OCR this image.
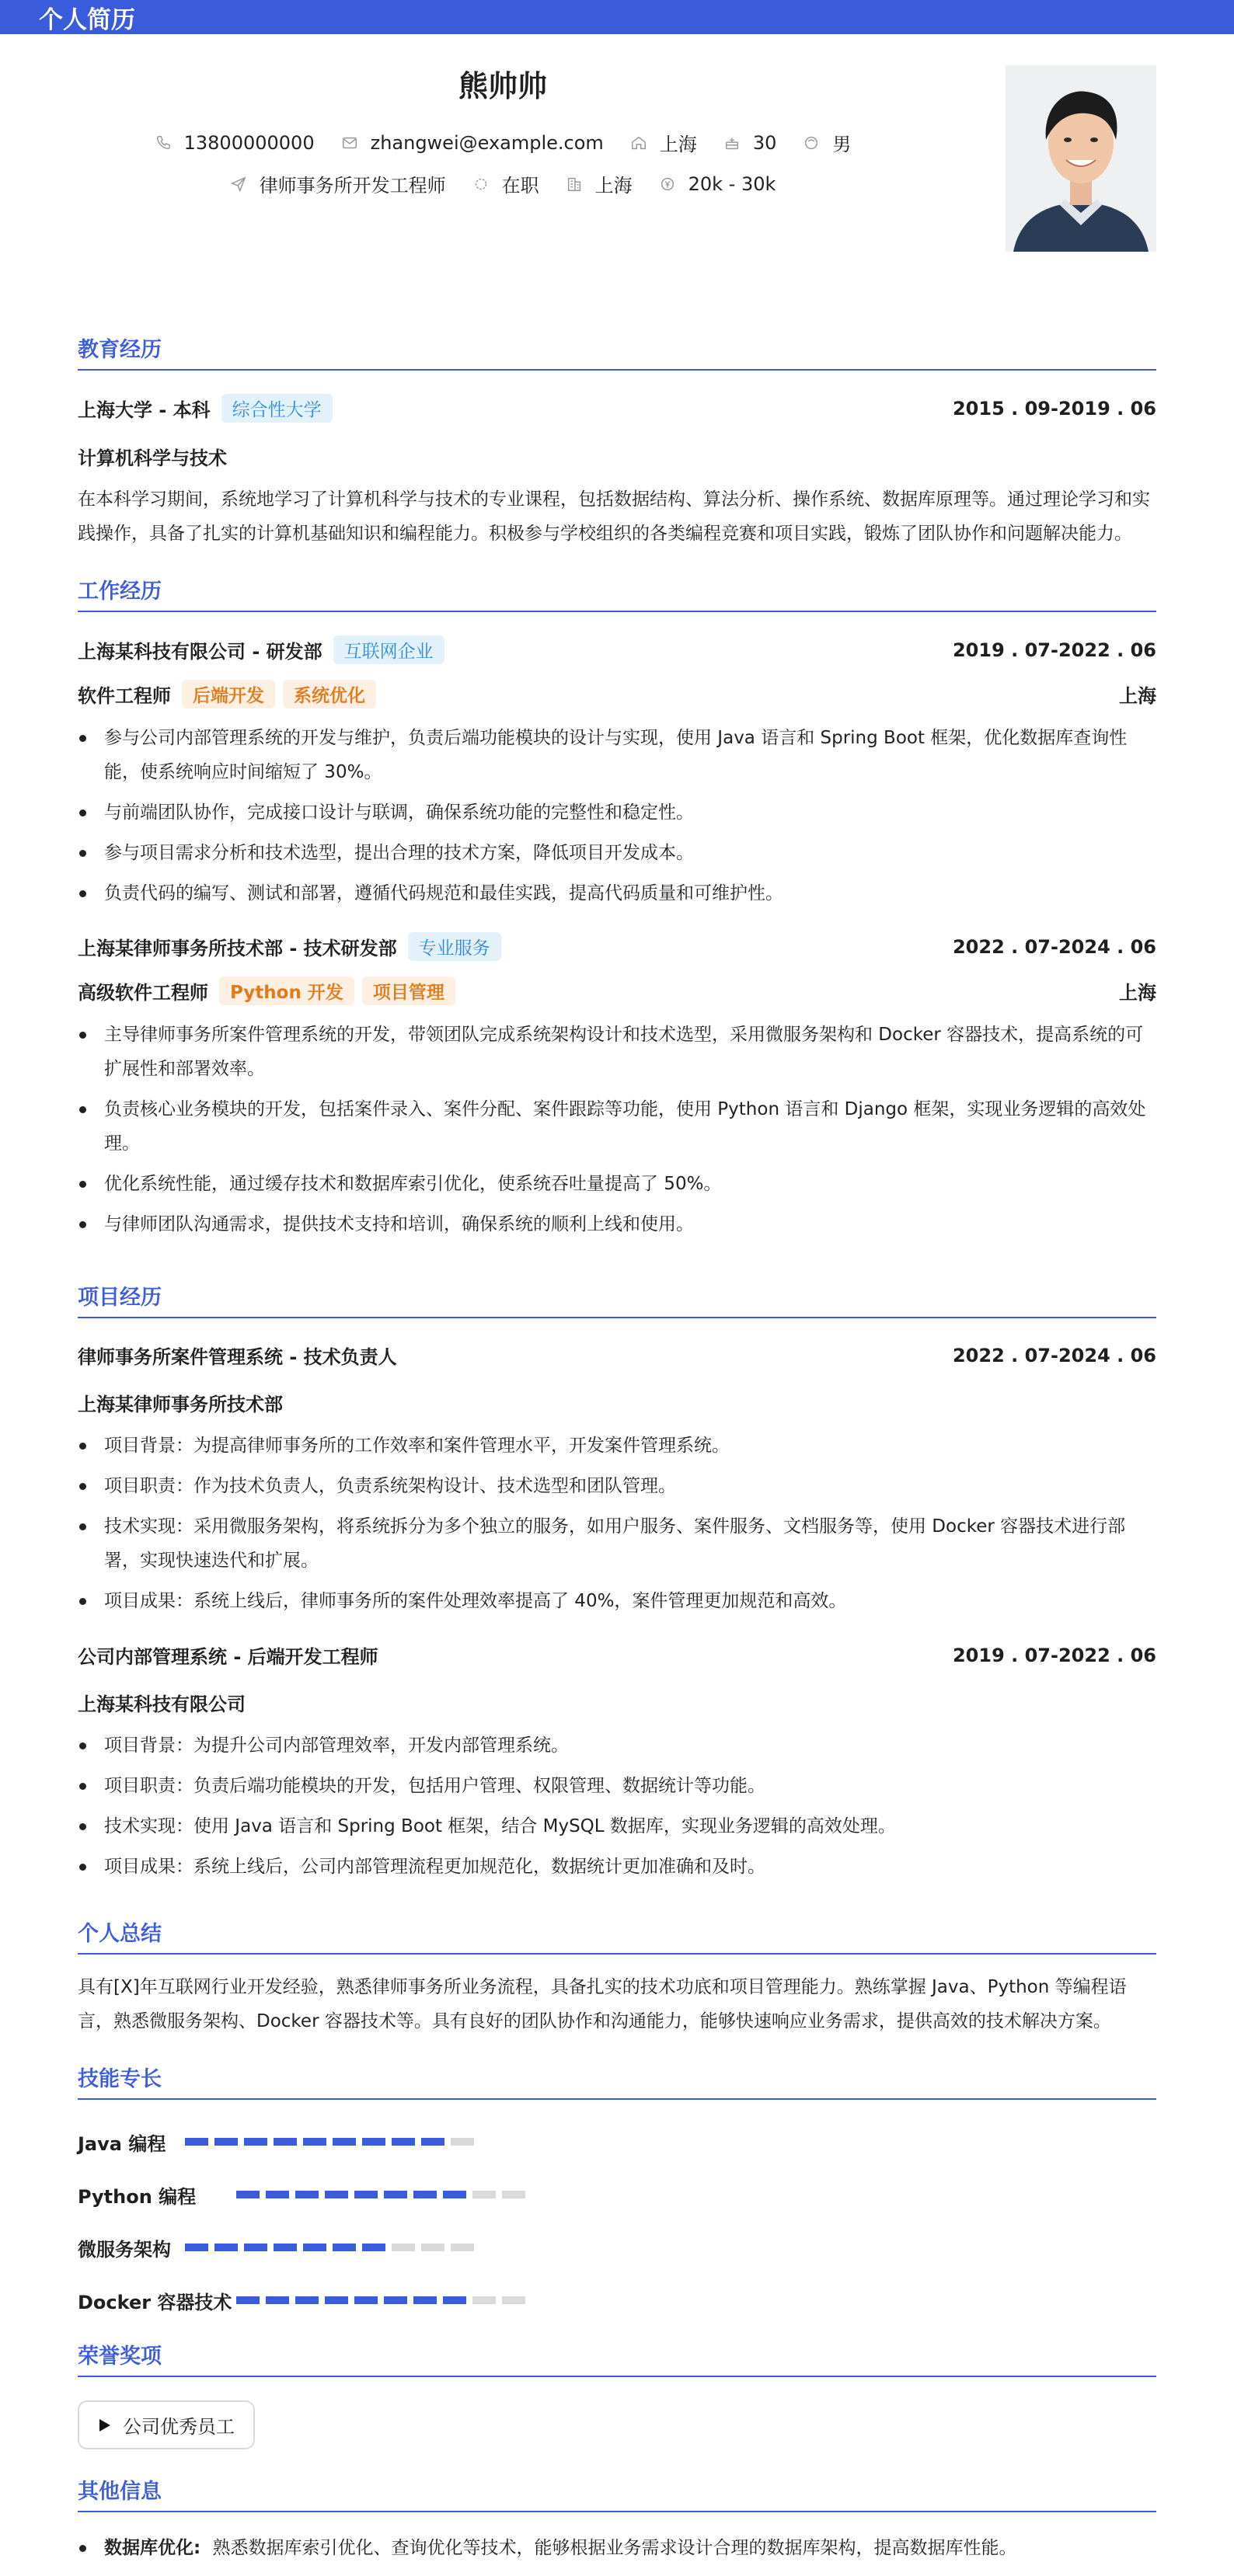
个人简历
熊帅帅
13800000000	zhangwei@example.com	上海	30	男
律师事务所开发工程师	在职	上海	20k - 30k
教育经历
上海大学 - 本科	综合性大学	2015 . 09-2019 . 06
计算机科学与技术
在本科学习期间，系统地学习了计算机科学与技术的专业课程，包括数据结构、算法分析、操作系统、数据库原理等。通过理论学习和实践操作，具备了扎实的计算机基础知识和编程能力。积极参与学校组织的各类编程竞赛和项目实践，锻炼了团队协作和问题解决能力。
工作经历
上海某科技有限公司 - 研发部	互联网企业	2019 . 07-2022 . 06
软件工程师	后端开发	系统优化	上海
参与公司内部管理系统的开发与维护，负责后端功能模块的设计与实现，使用 Java 语言和 Spring Boot 框架，优化数据库查询性能，使系统响应时间缩短了 30%。
与前端团队协作，完成接口设计与联调，确保系统功能的完整性和稳定性。
参与项目需求分析和技术选型，提出合理的技术方案，降低项目开发成本。
负责代码的编写、测试和部署，遵循代码规范和最佳实践，提高代码质量和可维护性。
上海某律师事务所技术部 - 技术研发部	专业服务	2022 . 07-2024 . 06
高级软件工程师	Python 开发	项目管理	上海
主导律师事务所案件管理系统的开发，带领团队完成系统架构设计和技术选型，采用微服务架构和 Docker 容器技术，提高系统的可扩展性和部署效率。
负责核心业务模块的开发，包括案件录入、案件分配、案件跟踪等功能，使用 Python 语言和 Django 框架，实现业务逻辑的高效处理。
优化系统性能，通过缓存技术和数据库索引优化，使系统吞吐量提高了 50%。
与律师团队沟通需求，提供技术支持和培训，确保系统的顺利上线和使用。
项目经历
律师事务所案件管理系统 - 技术负责人	2022 . 07-2024 . 06
上海某律师事务所技术部
项目背景：为提高律师事务所的工作效率和案件管理水平，开发案件管理系统。
项目职责：作为技术负责人，负责系统架构设计、技术选型和团队管理。
技术实现：采用微服务架构，将系统拆分为多个独立的服务，如用户服务、案件服务、文档服务等，使用 Docker 容器技术进行部署，实现快速迭代和扩展。
项目成果：系统上线后，律师事务所的案件处理效率提高了 40%，案件管理更加规范和高效。
公司内部管理系统 - 后端开发工程师	2019 . 07-2022 . 06
上海某科技有限公司
项目背景：为提升公司内部管理效率，开发内部管理系统。
项目职责：负责后端功能模块的开发，包括用户管理、权限管理、数据统计等功能。
技术实现：使用 Java 语言和 Spring Boot 框架，结合 MySQL 数据库，实现业务逻辑的高效处理。
项目成果：系统上线后，公司内部管理流程更加规范化，数据统计更加准确和及时。
个人总结
具有[X]年互联网行业开发经验，熟悉律师事务所业务流程，具备扎实的技术功底和项目管理能力。熟练掌握 Java、Python 等编程语言，熟悉微服务架构、Docker 容器技术等。具有良好的团队协作和沟通能力，能够快速响应业务需求，提供高效的技术解决方案。
技能专长
Java 编程
Python 编程
微服务架构
Docker 容器技术
荣誉奖项
公司优秀员工
其他信息
数据库优化: 熟悉数据库索引优化、查询优化等技术，能够根据业务需求设计合理的数据库架构，提高数据库性能。
